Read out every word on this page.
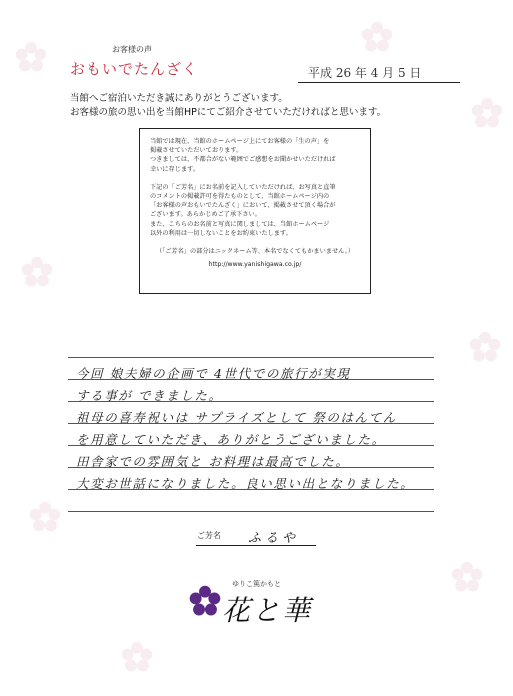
お客様の声
おもいでたんざく	平成 26 年 4 月 5 日
当館へご宿泊いただき誠にありがとうございます。
お客様の旅の思い出を当館HPにてご紹介させていただければと思います。

当館では現在、当館のホームページ上にてお客様の「生の声」を

掲載させていただいております。

つきましては、不都合がない範囲でご感想をお聞かせいただければ

幸いに存じます。

下記の「ご芳名」にお名前を記入していただければ、お写真と直筆

のコメントの掲載許可を得たものとして、当館ホームページ内の

「お客様の声おもいでたんざく」において、掲載させて頂く場合が

ございます。あらかじめご了承下さい。

また、こちらのお名前と写真に関しましては、当館ホームページ

以外の利用は一切しないことをお約束いたします。

（「ご芳名」の部分はニックネーム等、本名でなくてもかまいません。）

http://www.yanishigawa.co.jp/

今回 娘夫婦の企画で 4世代での旅行が実現
する事が できました。
祖母の喜寿祝いは サプライズとして 祭のはんてん
を用意していただき、ありがとうございました。
田舎家での雰囲気と お料理は最高でした。
大変お世話になりました。良い思い出となりました。
ご芳名 ふるや
ゆりこ篤かもと
花と華
